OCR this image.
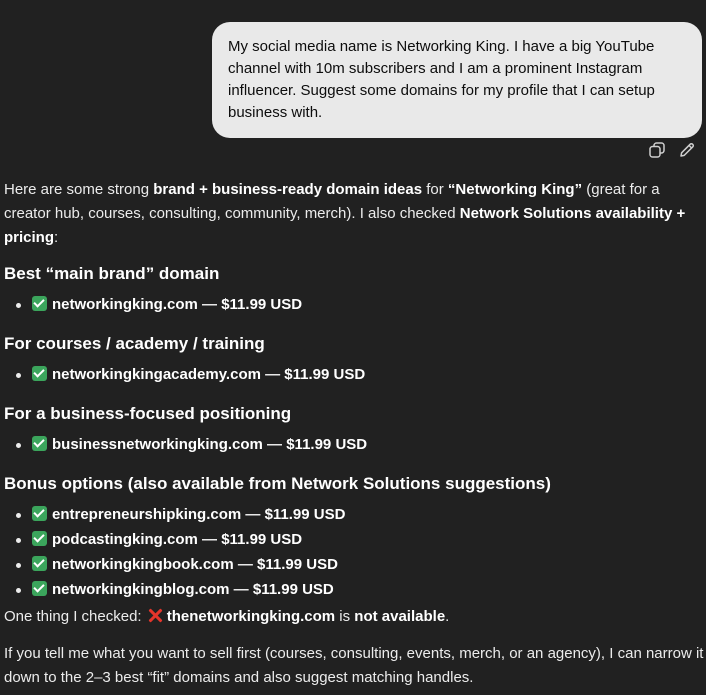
My social media name is Networking King. I have a big YouTube channel with 10m subscribers and I am a prominent Instagram influencer. Suggest some domains for my profile that I can setup business with.

Here are some strong brand + business-ready domain ideas for “Networking King” (great for a creator hub, courses, consulting, community, merch). I also checked Network Solutions availability + pricing:

Best “main brand” domain
networkingking.com — $11.99 USD
For courses / academy / training
networkingkingacademy.com — $11.99 USD
For a business-focused positioning
businessnetworkingking.com — $11.99 USD
Bonus options (also available from Network Solutions suggestions)
entrepreneurshipking.com — $11.99 USD
podcastingking.com — $11.99 USD
networkingkingbook.com — $11.99 USD
networkingkingblog.com — $11.99 USD

One thing I checked: thenetworkingking.com is not available.

If you tell me what you want to sell first (courses, consulting, events, merch, or an agency), I can narrow it down to the 2–3 best “fit” domains and also suggest matching handles.
